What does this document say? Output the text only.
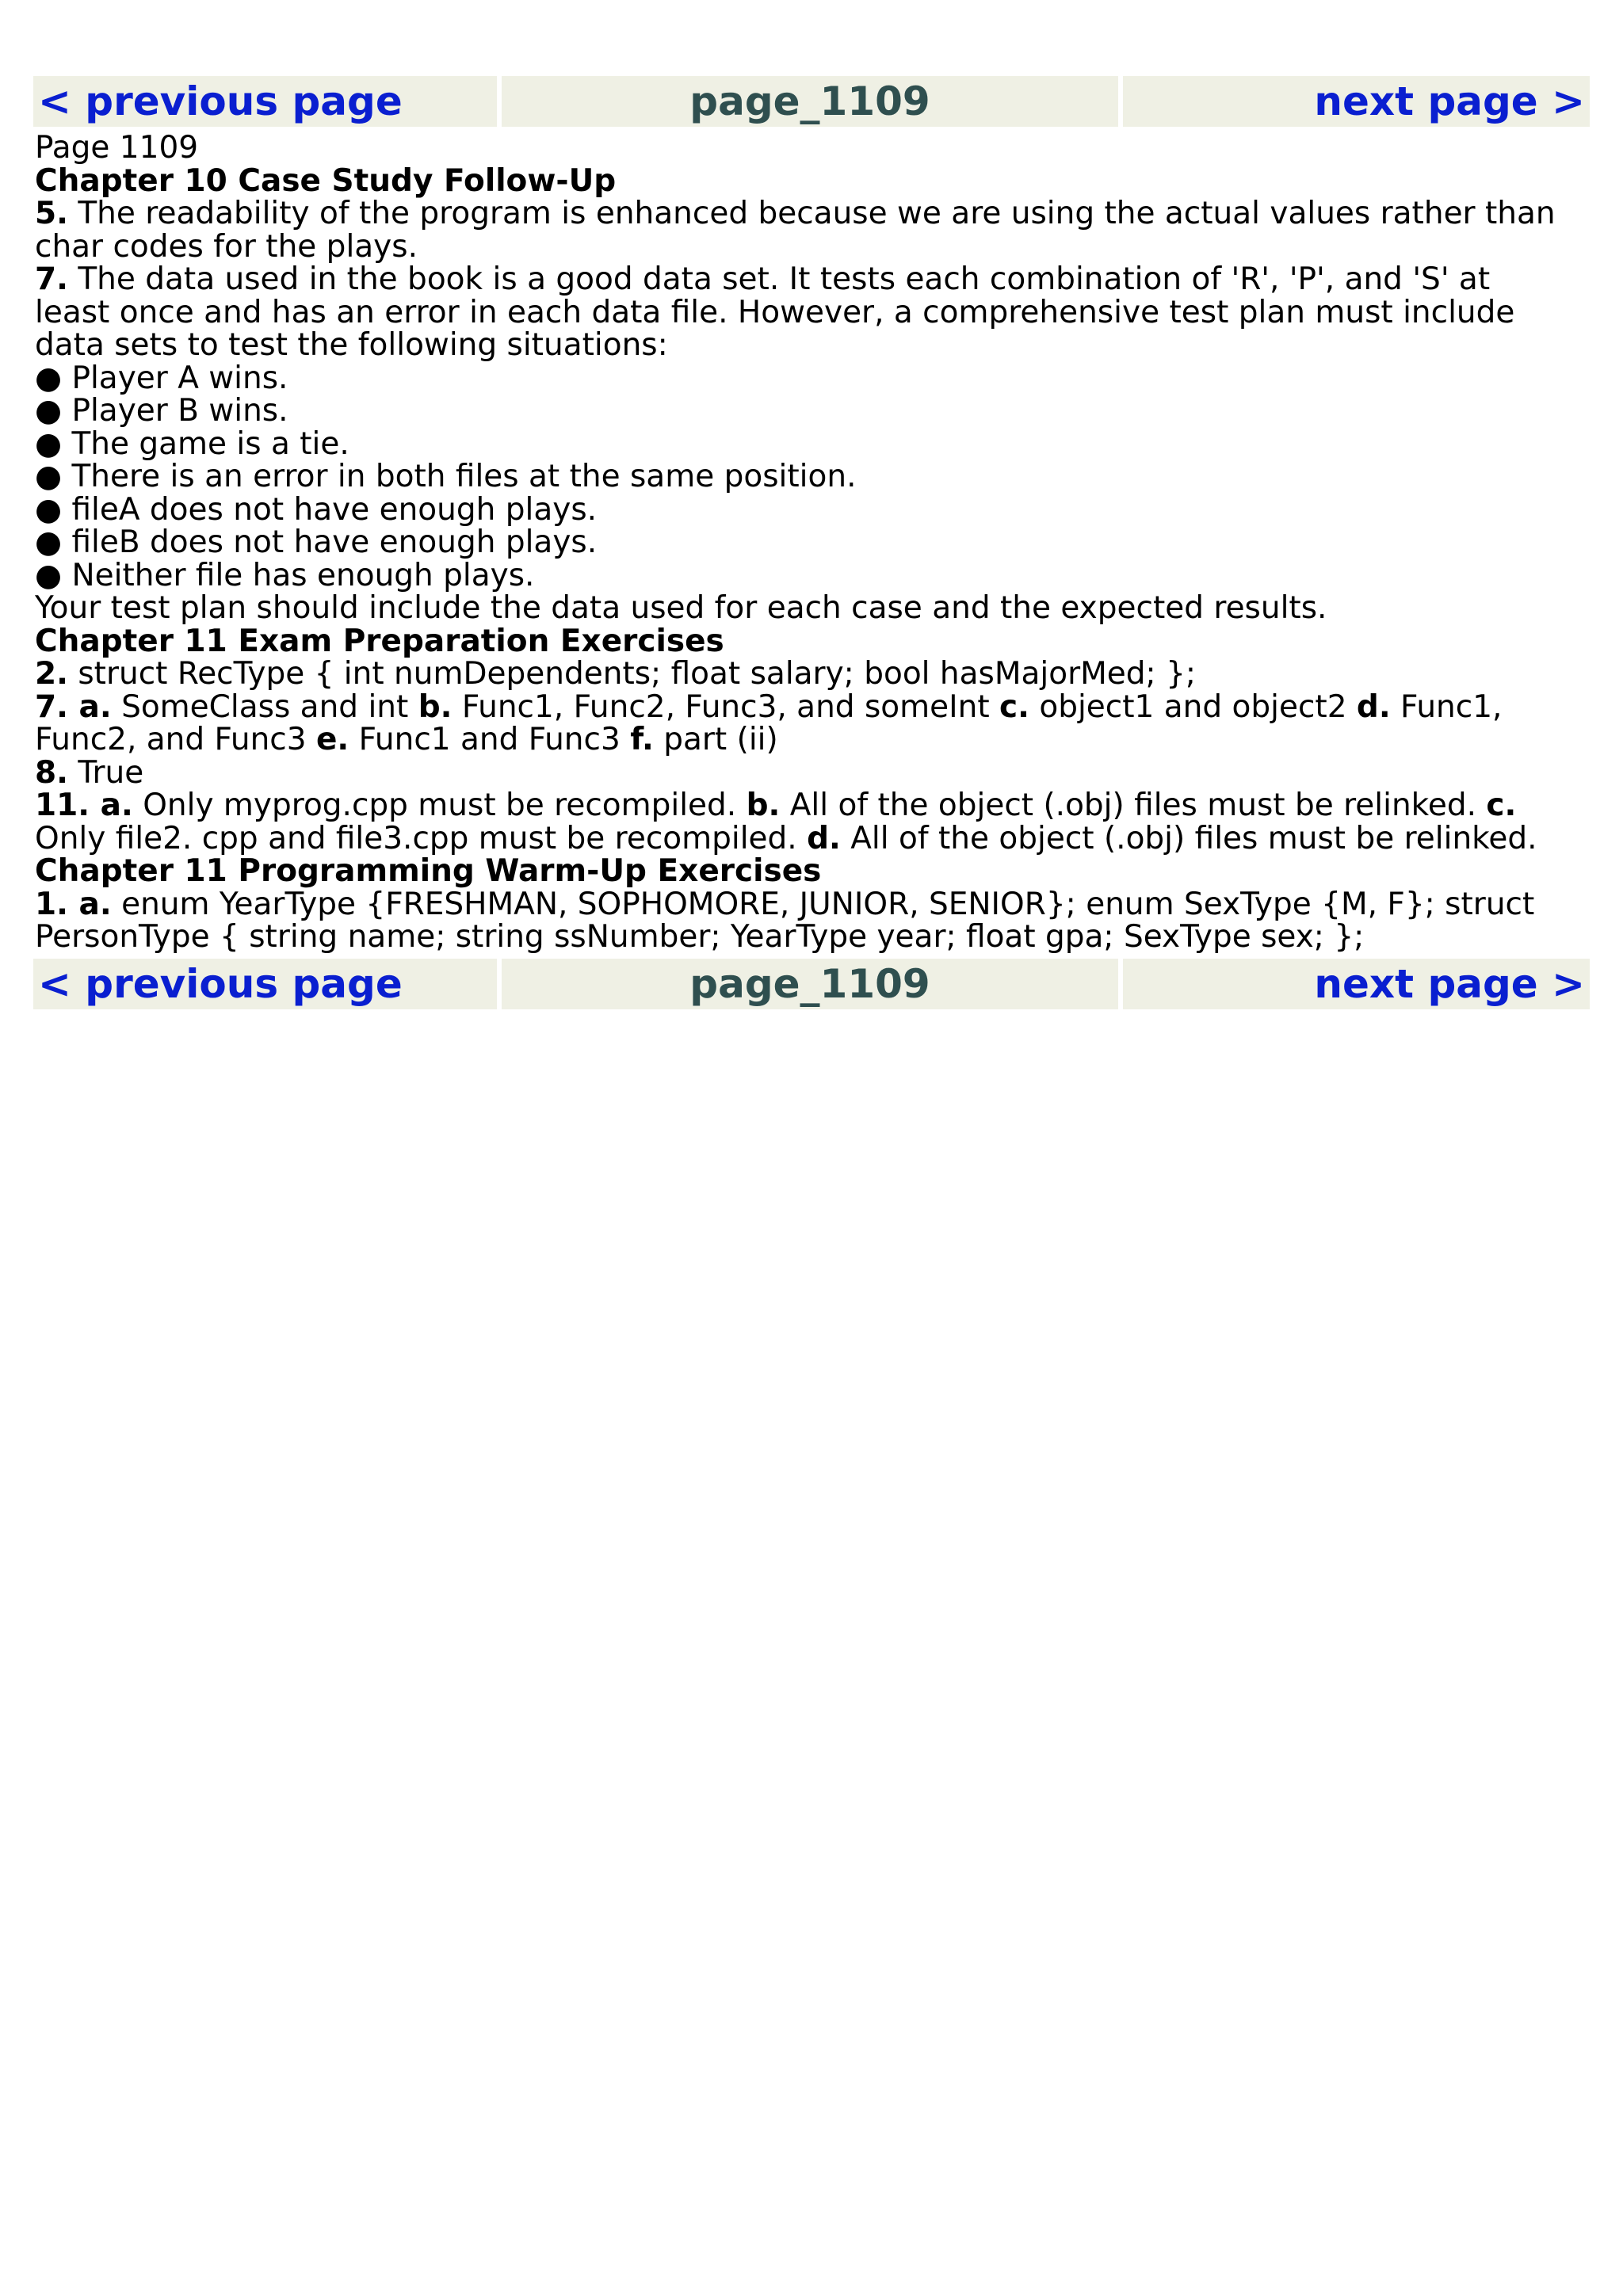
< previous page	page_1109	next page >
Page 1109
Chapter 10 Case Study Follow-Up
5. The readability of the program is enhanced because we are using the actual values rather than char codes for the plays.
7. The data used in the book is a good data set. It tests each combination of 'R', 'P', and 'S' at least once and has an error in each data file. However, a comprehensive test plan must include data sets to test the following situations:
● Player A wins.
● Player B wins.
● The game is a tie.
● There is an error in both files at the same position.
● fileA does not have enough plays.
● fileB does not have enough plays.
● Neither file has enough plays.
Your test plan should include the data used for each case and the expected results.
Chapter 11 Exam Preparation Exercises
2. struct RecType { int numDependents; float salary; bool hasMajorMed; };
7. a. SomeClass and int b. Func1, Func2, Func3, and someInt c. object1 and object2 d. Func1, Func2, and Func3 e. Func1 and Func3 f. part (ii)
8. True
11. a. Only myprog.cpp must be recompiled. b. All of the object (.obj) files must be relinked. c. Only file2. cpp and file3.cpp must be recompiled. d. All of the object (.obj) files must be relinked.
Chapter 11 Programming Warm-Up Exercises
1. a. enum YearType {FRESHMAN, SOPHOMORE, JUNIOR, SENIOR}; enum SexType {M, F}; struct PersonType { string name; string ssNumber; YearType year; float gpa; SexType sex; };
< previous page	page_1109	next page >
